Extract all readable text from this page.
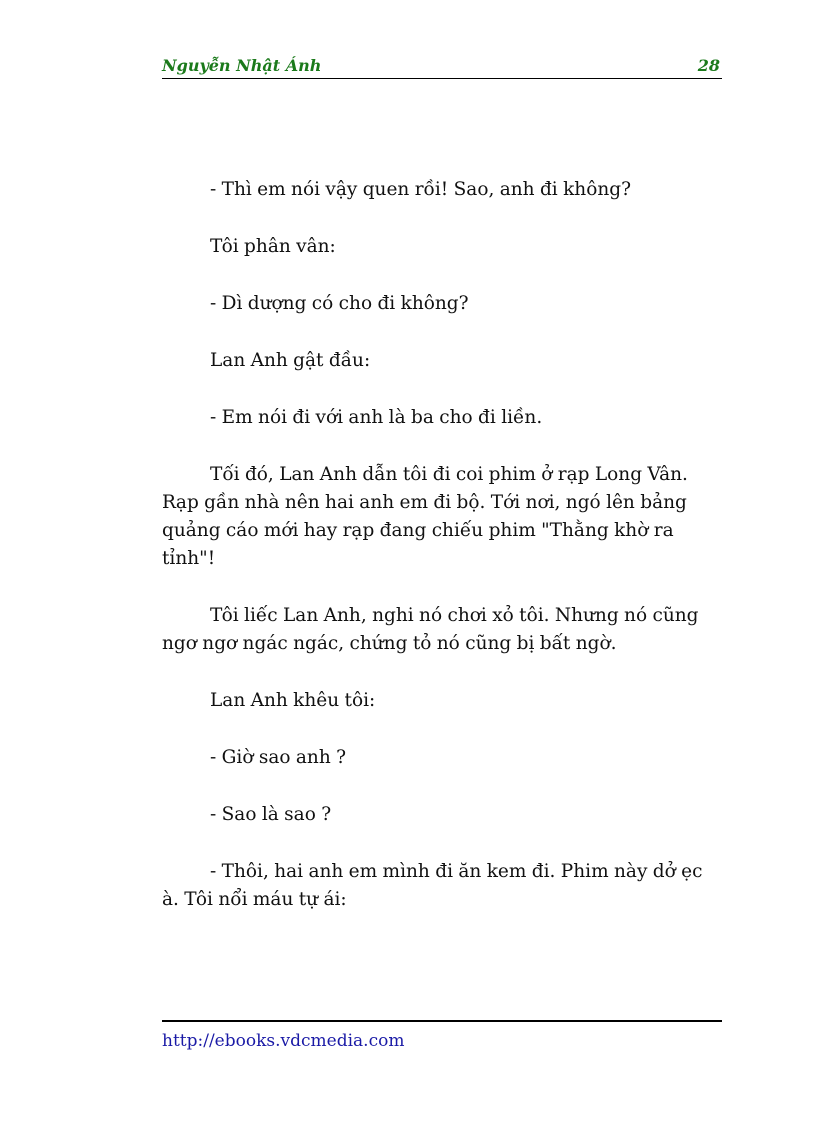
Nguyễn Nhật Ánh	28

- Thì em nói vậy quen rồi! Sao, anh đi không?

Tôi phân vân:

- Dì dượng có cho đi không?

Lan Anh gật đầu:

- Em nói đi với anh là ba cho đi liền.

Tối đó, Lan Anh dẫn tôi đi coi phim ở rạp Long Vân. Rạp gần nhà nên hai anh em đi bộ. Tới nơi, ngó lên bảng quảng cáo mới hay rạp đang chiếu phim "Thằng khờ ra tỉnh"!

Tôi liếc Lan Anh, nghi nó chơi xỏ tôi. Nhưng nó cũng ngơ ngơ ngác ngác, chứng tỏ nó cũng bị bất ngờ.

Lan Anh khêu tôi:

- Giờ sao anh ?

- Sao là sao ?

- Thôi, hai anh em mình đi ăn kem đi. Phim này dở ẹc à. Tôi nổi máu tự ái:

http://ebooks.vdcmedia.com
